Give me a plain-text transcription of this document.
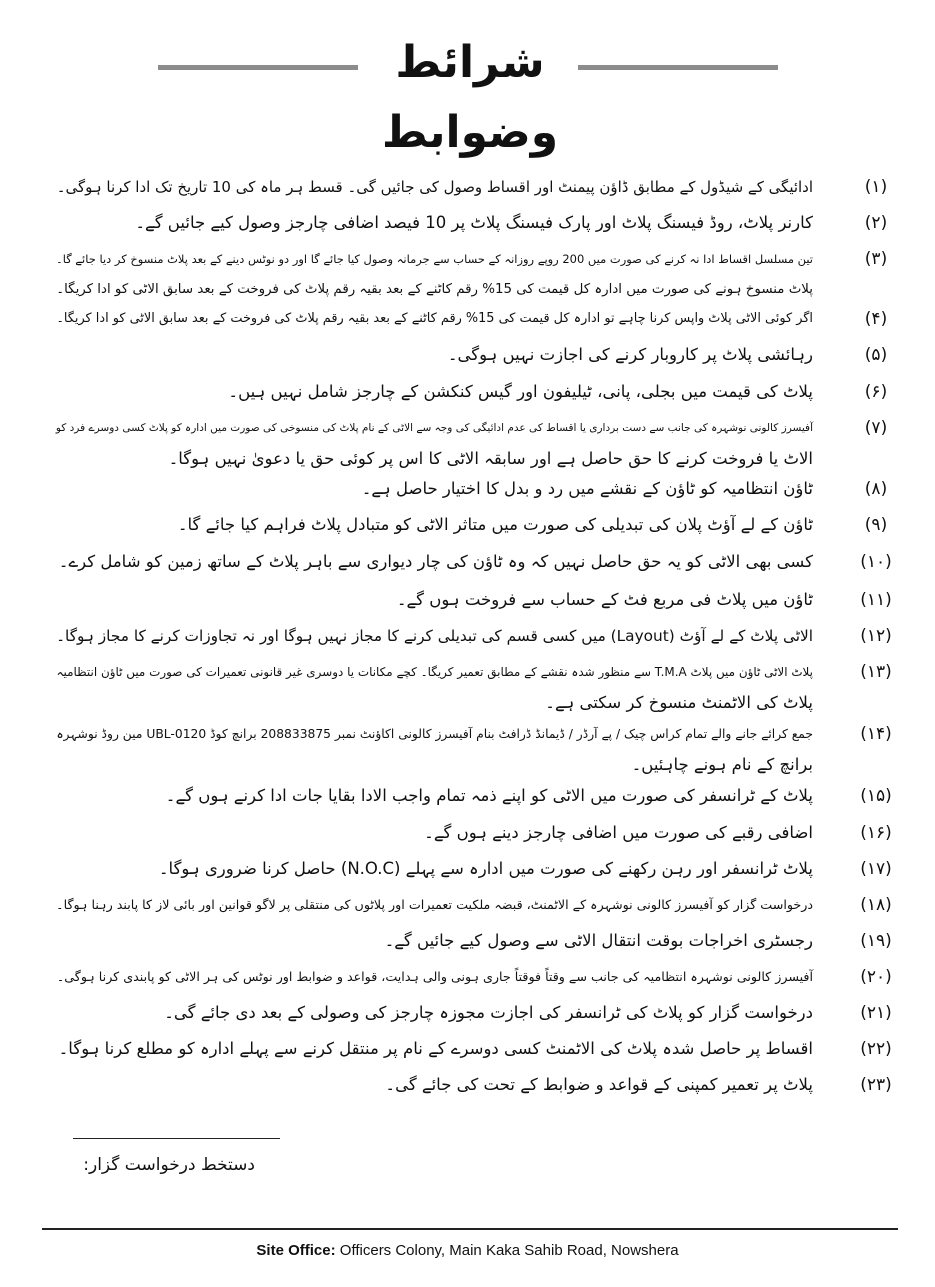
شرائط وضوابط
(۱)
ادائیگی کے شیڈول کے مطابق ڈاؤن پیمنٹ اور اقساط وصول کی جائیں گی۔ قسط ہر ماہ کی 10 تاریخ تک ادا کرنا ہوگی۔
(۲)
کارنر پلاٹ، روڈ فیسنگ پلاٹ اور پارک فیسنگ پلاٹ پر 10 فیصد اضافی چارجز وصول کیے جائیں گے۔
(۳)
تین مسلسل اقساط ادا نہ کرنے کی صورت میں 200 روپے روزانہ کے حساب سے جرمانہ وصول کیا جائے گا اور دو نوٹس دینے کے بعد پلاٹ منسوخ کر دیا جائے گا۔
پلاٹ منسوخ ہونے کی صورت میں ادارہ کل قیمت کی 15% رقم کاٹنے کے بعد بقیہ رقم پلاٹ کی فروخت کے بعد سابق الاٹی کو ادا کریگا۔
(۴)
اگر کوئی الاٹی پلاٹ واپس کرنا چاہے تو ادارہ کل قیمت کی 15% رقم کاٹنے کے بعد بقیہ رقم پلاٹ کی فروخت کے بعد سابق الاٹی کو ادا کریگا۔
(۵)
رہائشی پلاٹ پر کاروبار کرنے کی اجازت نہیں ہوگی۔
(۶)
پلاٹ کی قیمت میں بجلی، پانی، ٹیلیفون اور گیس کنکشن کے چارجز شامل نہیں ہیں۔
(۷)
آفیسرز کالونی نوشہرہ کی جانب سے دست برداری یا اقساط کی عدم ادائیگی کی وجہ سے الاٹی کے نام پلاٹ کی منسوخی کی صورت میں ادارہ کو پلاٹ کسی دوسرے فرد کو
الاٹ یا فروخت کرنے کا حق حاصل ہے اور سابقہ الاٹی کا اس پر کوئی حق یا دعویٰ نہیں ہوگا۔
(۸)
ٹاؤن انتظامیہ کو ٹاؤن کے نقشے میں رد و بدل کا اختیار حاصل ہے۔
(۹)
ٹاؤن کے لے آؤٹ پلان کی تبدیلی کی صورت میں متاثر الاٹی کو متبادل پلاٹ فراہم کیا جائے گا۔
(۱۰)
کسی بھی الاٹی کو یہ حق حاصل نہیں کہ وہ ٹاؤن کی چار دیواری سے باہر پلاٹ کے ساتھ زمین کو شامل کرے۔
(۱۱)
ٹاؤن میں پلاٹ فی مربع فٹ کے حساب سے فروخت ہوں گے۔
(۱۲)
الاٹی پلاٹ کے لے آؤٹ (Layout) میں کسی قسم کی تبدیلی کرنے کا مجاز نہیں ہوگا اور نہ تجاوزات کرنے کا مجاز ہوگا۔
(۱۳)
پلاٹ الاٹی ٹاؤن میں پلاٹ T.M.A سے منظور شدہ نقشے کے مطابق تعمیر کریگا۔ کچے مکانات یا دوسری غیر قانونی تعمیرات کی صورت میں ٹاؤن انتظامیہ
پلاٹ کی الاٹمنٹ منسوخ کر سکتی ہے۔
(۱۴)
جمع کرائے جانے والے تمام کراس چیک / پے آرڈر / ڈیمانڈ ڈرافٹ بنام آفیسرز کالونی اکاؤنٹ نمبر 208833875 برانچ کوڈ UBL-0120 مین روڈ نوشہرہ
برانچ کے نام ہونے چاہئیں۔
(۱۵)
پلاٹ کے ٹرانسفر کی صورت میں الاٹی کو اپنے ذمہ تمام واجب الادا بقایا جات ادا کرنے ہوں گے۔
(۱۶)
اضافی رقبے کی صورت میں اضافی چارجز دینے ہوں گے۔
(۱۷)
پلاٹ ٹرانسفر اور رہن رکھنے کی صورت میں ادارہ سے پہلے (N.O.C) حاصل کرنا ضروری ہوگا۔
(۱۸)
درخواست گزار کو آفیسرز کالونی نوشہرہ کے الاٹمنٹ، قبضہ ملکیت تعمیرات اور پلاٹوں کی منتقلی پر لاگو قوانین اور بائی لاز کا پابند رہنا ہوگا۔
(۱۹)
رجسٹری اخراجات بوقت انتقال الاٹی سے وصول کیے جائیں گے۔
(۲۰)
آفیسرز کالونی نوشہرہ انتظامیہ کی جانب سے وقتاً فوقتاً جاری ہونی والی ہدایت، قواعد و ضوابط اور نوٹس کی ہر الاٹی کو پابندی کرنا ہوگی۔
(۲۱)
درخواست گزار کو پلاٹ کی ٹرانسفر کی اجازت مجوزہ چارجز کی وصولی کے بعد دی جائے گی۔
(۲۲)
اقساط پر حاصل شدہ پلاٹ کی الاٹمنٹ کسی دوسرے کے نام پر منتقل کرنے سے پہلے ادارہ کو مطلع کرنا ہوگا۔
(۲۳)
پلاٹ پر تعمیر کمپنی کے قواعد و ضوابط کے تحت کی جائے گی۔
دستخط درخواست گزار:
Site Office: Officers Colony, Main Kaka Sahib Road, Nowshera
